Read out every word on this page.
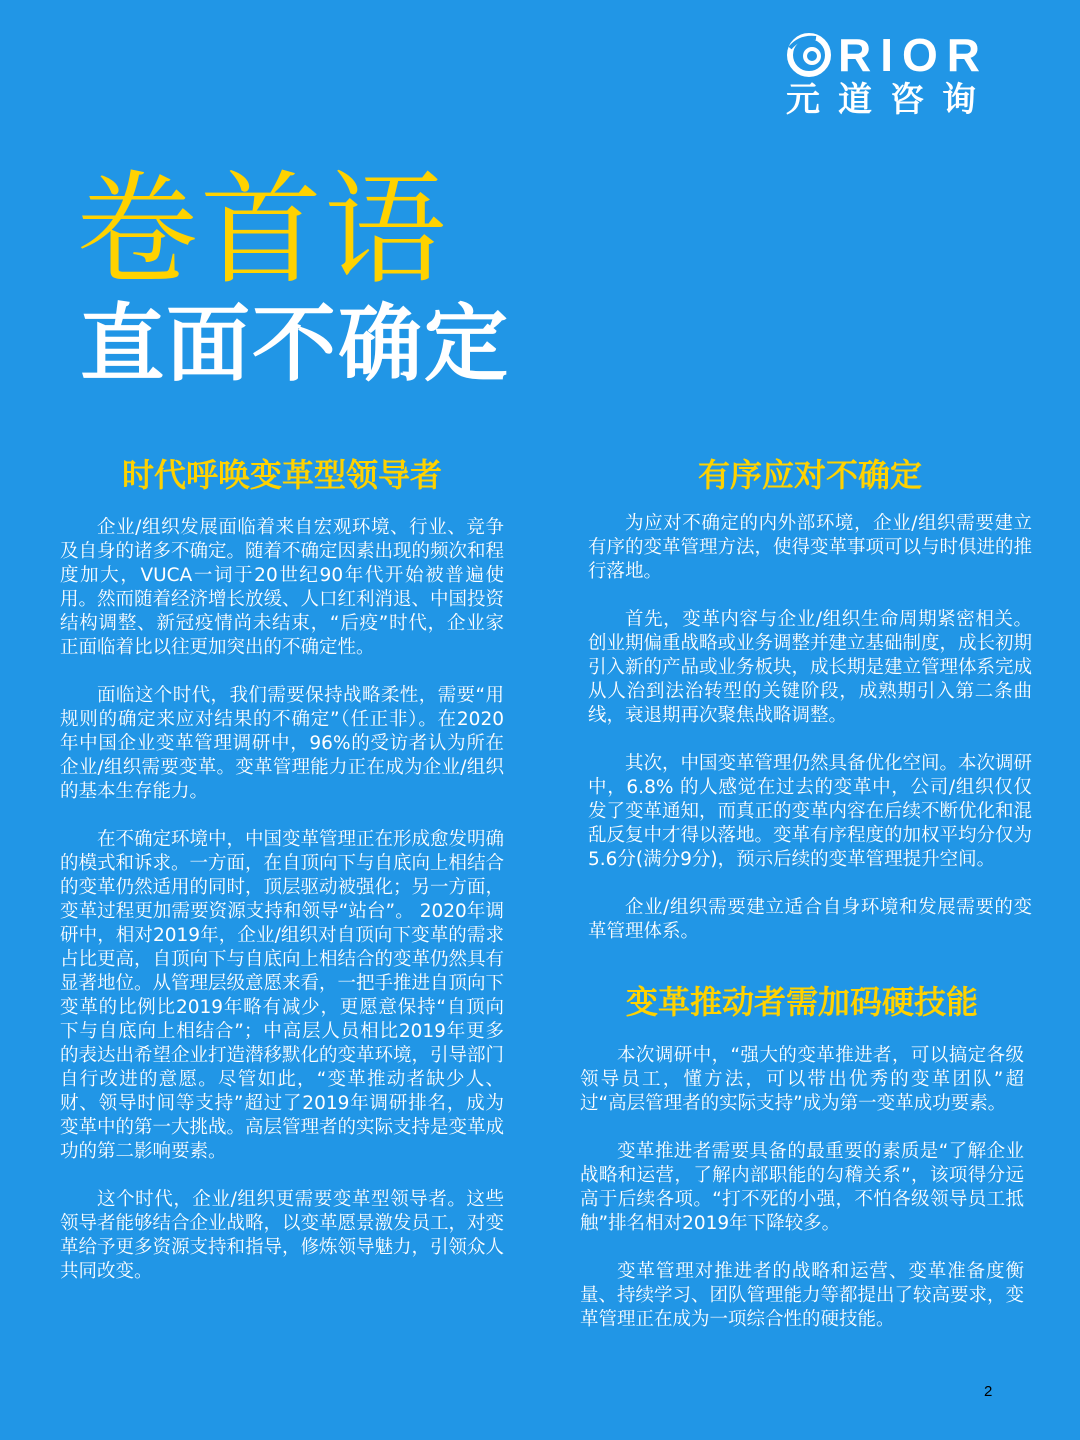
RIOR
元道咨询
卷首语
直面不确定
时代呼唤变革型领导者

企业/组织发展面临着来自宏观环境、行业、竞争及自身的诸多不确定。随着不确定因素出现的频次和程度加大，VUCA一词于20世纪90年代开始被普遍使用。然而随着经济增长放缓、人口红利消退、中国投资结构调整、新冠疫情尚未结束，“后疫”时代，企业家正面临着比以往更加突出的不确定性。

面临这个时代，我们需要保持战略柔性，需要“用规则的确定来应对结果的不确定”（任正非）。在2020年中国企业变革管理调研中，96%的受访者认为所在企业/组织需要变革。变革管理能力正在成为企业/组织的基本生存能力。

在不确定环境中，中国变革管理正在形成愈发明确的模式和诉求。一方面，在自顶向下与自底向上相结合的变革仍然适用的同时，顶层驱动被强化；另一方面，变革过程更加需要资源支持和领导“站台”。 2020年调研中，相对2019年，企业/组织对自顶向下变革的需求占比更高，自顶向下与自底向上相结合的变革仍然具有显著地位。从管理层级意愿来看，一把手推进自顶向下变革的比例比2019年略有减少，更愿意保持“自顶向下与自底向上相结合”；中高层人员相比2019年更多的表达出希望企业打造潜移默化的变革环境，引导部门自行改进的意愿。尽管如此，“变革推动者缺少人、财、领导时间等支持”超过了2019年调研排名，成为变革中的第一大挑战。高层管理者的实际支持是变革成功的第二影响要素。

这个时代，企业/组织更需要变革型领导者。这些领导者能够结合企业战略，以变革愿景激发员工，对变革给予更多资源支持和指导，修炼领导魅力，引领众人共同改变。

有序应对不确定

为应对不确定的内外部环境，企业/组织需要建立有序的变革管理方法，使得变革事项可以与时俱进的推行落地。

首先，变革内容与企业/组织生命周期紧密相关。创业期偏重战略或业务调整并建立基础制度，成长初期引入新的产品或业务板块，成长期是建立管理体系完成从人治到法治转型的关键阶段，成熟期引入第二条曲线，衰退期再次聚焦战略调整。

其次，中国变革管理仍然具备优化空间。本次调研中，6.8% 的人感觉在过去的变革中，公司/组织仅仅发了变革通知，而真正的变革内容在后续不断优化和混乱反复中才得以落地。变革有序程度的加权平均分仅为5.6分(满分9分)，预示后续的变革管理提升空间。

企业/组织需要建立适合自身环境和发展需要的变革管理体系。

变革推动者需加码硬技能

本次调研中，“强大的变革推进者，可以搞定各级领导员工，懂方法，可以带出优秀的变革团队”超过“高层管理者的实际支持”成为第一变革成功要素。

变革推进者需要具备的最重要的素质是“了解企业战略和运营，了解内部职能的勾稽关系”，该项得分远高于后续各项。“打不死的小强，不怕各级领导员工抵触”排名相对2019年下降较多。

变革管理对推进者的战略和运营、变革准备度衡量、持续学习、团队管理能力等都提出了较高要求，变革管理正在成为一项综合性的硬技能。

2
